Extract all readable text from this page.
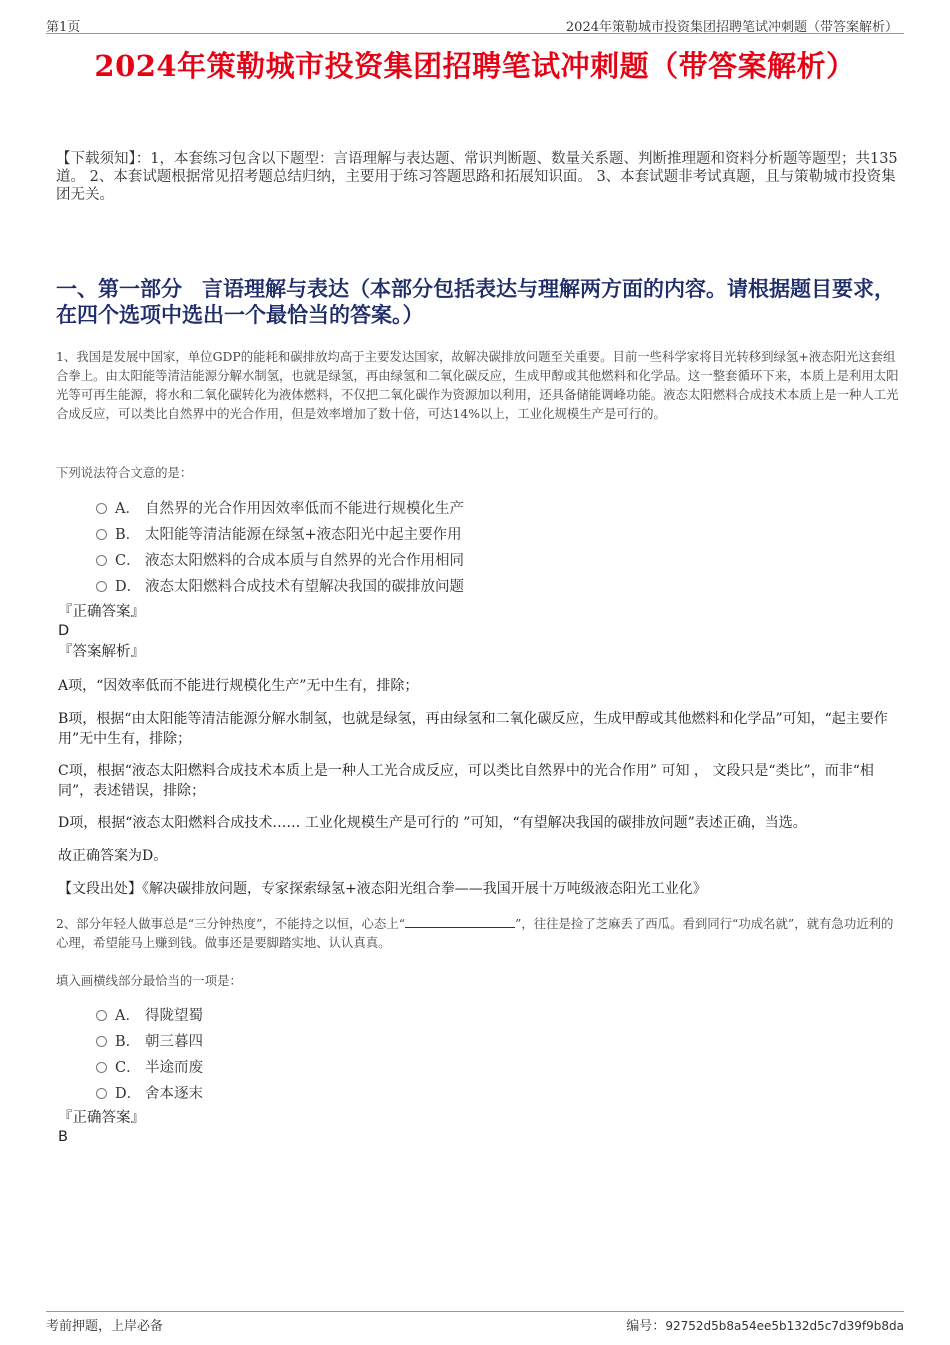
第1页	2024年策勒城市投资集团招聘笔试冲刺题（带答案解析）
2024年策勒城市投资集团招聘笔试冲刺题（带答案解析）

【下载须知】：1，本套练习包含以下题型：言语理解与表达题、常识判断题、数量关系题、判断推理题和资料分析题等题型；共135道。 2、本套试题根据常见招考题总结归纳，主要用于练习答题思路和拓展知识面。 3、本套试题非考试真题，且与策勒城市投资集团无关。

一、第一部分 言语理解与表达（本部分包括表达与理解两方面的内容。请根据题目要求，在四个选项中选出一个最恰当的答案。）

1、我国是发展中国家，单位GDP的能耗和碳排放均高于主要发达国家，故解决碳排放问题至关重要。目前一些科学家将目光转移到绿氢+液态阳光这套组合拳上。由太阳能等清洁能源分解水制氢，也就是绿氢，再由绿氢和二氧化碳反应，生成甲醇或其他燃料和化学品。这一整套循环下来，本质上是利用太阳光等可再生能源，将水和二氧化碳转化为液体燃料，不仅把二氧化碳作为资源加以利用，还具备储能调峰功能。液态太阳燃料合成技术本质上是一种人工光合成反应，可以类比自然界中的光合作用，但是效率增加了数十倍，可达14%以上，工业化规模生产是可行的。

下列说法符合文意的是：

A． 自然界的光合作用因效率低而不能进行规模化生产
B． 太阳能等清洁能源在绿氢+液态阳光中起主要作用
C． 液态太阳燃料的合成本质与自然界的光合作用相同
D． 液态太阳燃料合成技术有望解决我国的碳排放问题
『正确答案』
D
『答案解析』

A项，“因效率低而不能进行规模化生产”无中生有，排除；

B项，根据“由太阳能等清洁能源分解水制氢，也就是绿氢，再由绿氢和二氧化碳反应，生成甲醇或其他燃料和化学品”可知，“起主要作用”无中生有，排除；

C项，根据“液态太阳燃料合成技术本质上是一种人工光合成反应，可以类比自然界中的光合作用” 可知 ， 文段只是“类比”，而非“相同”，表述错误，排除；

D项，根据“液态太阳燃料合成技术…… 工业化规模生产是可行的 ”可知，“有望解决我国的碳排放问题”表述正确，当选。

故正确答案为D。

【文段出处】《解决碳排放问题，专家探索绿氢+液态阳光组合拳——我国开展十万吨级液态阳光工业化》

2、部分年轻人做事总是“三分钟热度”，不能持之以恒，心态上“	”，往往是捡了芝麻丢了西瓜。看到同行“功成名就”，就有急功近利的心理，希望能马上赚到钱。做事还是要脚踏实地、认认真真。

填入画横线部分最恰当的一项是：

A． 得陇望蜀
B． 朝三暮四
C． 半途而废
D． 舍本逐末
『正确答案』
B
考前押题，上岸必备	编号：92752d5b8a54ee5b132d5c7d39f9b8da
